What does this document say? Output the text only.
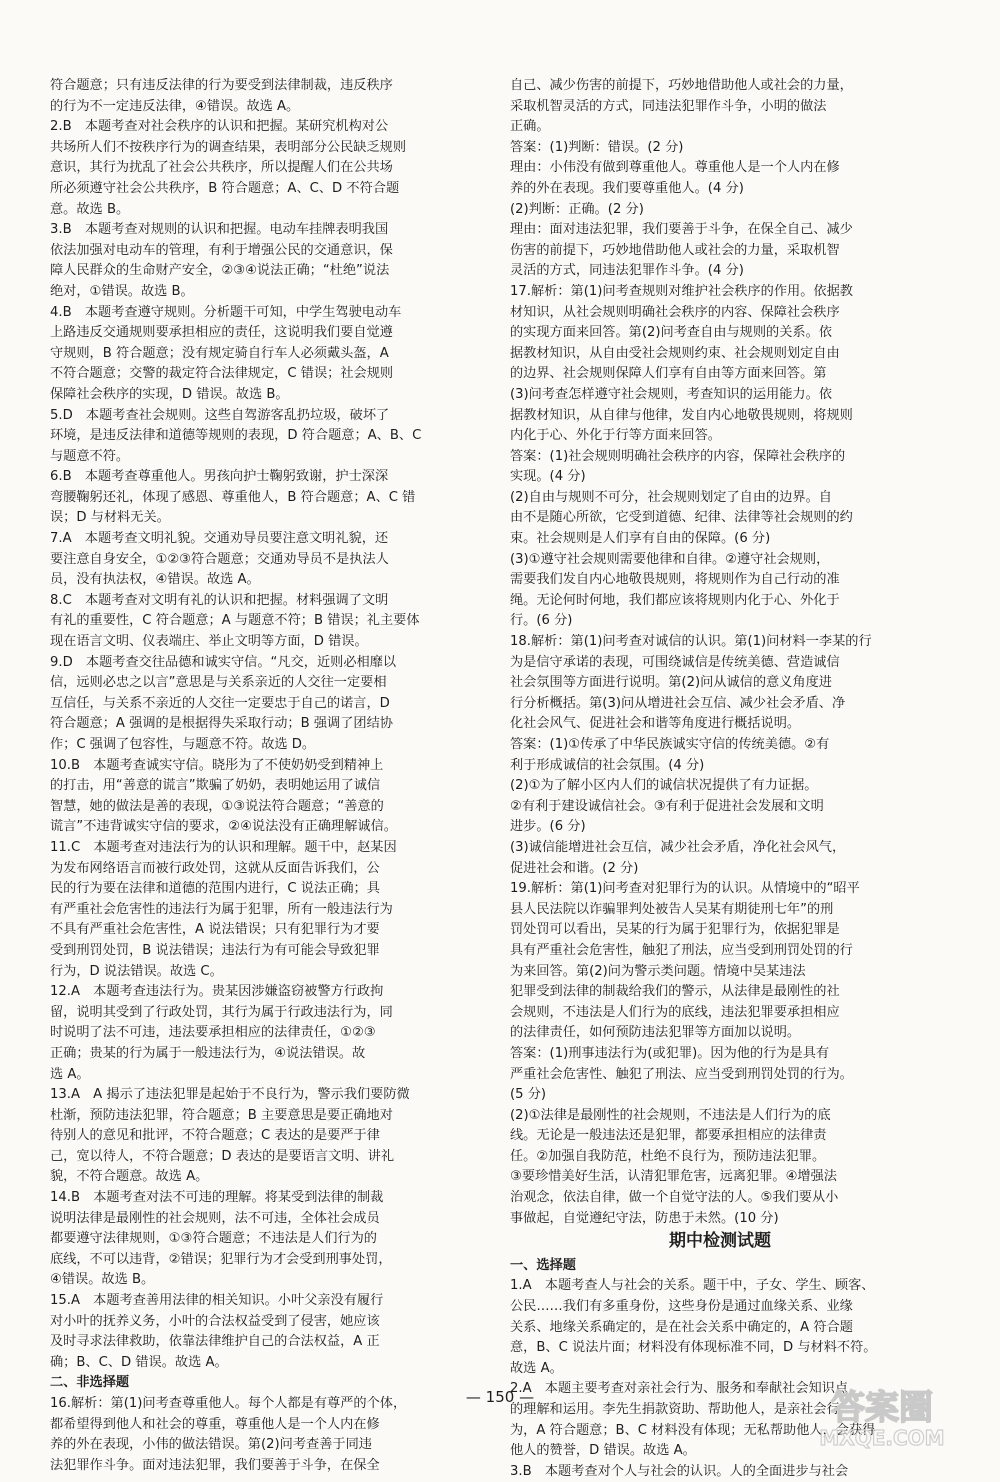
符合题意；只有违反法律的行为要受到法律制裁，违反秩序
的行为不一定违反法律，④错误。故选 A。
2.B　本题考查对社会秩序的认识和把握。某研究机构对公
共场所人们不按秩序行为的调查结果，表明部分公民缺乏规则
意识，其行为扰乱了社会公共秩序，所以提醒人们在公共场
所必须遵守社会公共秩序，B 符合题意；A、C、D 不符合题
意。故选 B。
3.B　本题考查对规则的认识和把握。电动车挂牌表明我国
依法加强对电动车的管理，有利于增强公民的交通意识，保
障人民群众的生命财产安全，②③④说法正确；“杜绝”说法
绝对，①错误。故选 B。
4.B　本题考查遵守规则。分析题干可知，中学生驾驶电动车
上路违反交通规则要承担相应的责任，这说明我们要自觉遵
守规则，B 符合题意；没有规定骑自行车人必须戴头盔，A
不符合题意；交警的裁定符合法律规定，C 错误；社会规则
保障社会秩序的实现，D 错误。故选 B。
5.D　本题考查社会规则。这些自驾游客乱扔垃圾，破坏了
环境，是违反法律和道德等规则的表现，D 符合题意；A、B、C
与题意不符。
6.B　本题考查尊重他人。男孩向护士鞠躬致谢，护士深深
弯腰鞠躬还礼，体现了感恩、尊重他人，B 符合题意；A、C 错
误；D 与材料无关。
7.A　本题考查文明礼貌。交通劝导员要注意文明礼貌，还
要注意自身安全，①②③符合题意；交通劝导员不是执法人
员，没有执法权，④错误。故选 A。
8.C　本题考查对文明有礼的认识和把握。材料强调了文明
有礼的重要性，C 符合题意；A 与题意不符；B 错误；礼主要体
现在语言文明、仪表端庄、举止文明等方面，D 错误。
9.D　本题考查交往品德和诚实守信。“凡交，近则必相靡以
信，远则必忠之以言”意思是与关系亲近的人交往一定要相
互信任，与关系不亲近的人交往一定要忠于自己的诺言，D
符合题意；A 强调的是根据得失采取行动；B 强调了团结协
作；C 强调了包容性，与题意不符。故选 D。
10.B　本题考查诚实守信。晓彤为了不使奶奶受到精神上
的打击，用“善意的谎言”欺骗了奶奶，表明她运用了诚信
智慧，她的做法是善的表现，①③说法符合题意；“善意的
谎言”不违背诚实守信的要求，②④说法没有正确理解诚信。
11.C　本题考查对违法行为的认识和理解。题干中，赵某因
为发布网络语言而被行政处罚，这就从反面告诉我们，公
民的行为要在法律和道德的范围内进行，C 说法正确；具
有严重社会危害性的违法行为属于犯罪，所有一般违法行为
不具有严重社会危害性，A 说法错误；只有犯罪行为才要
受到刑罚处罚，B 说法错误；违法行为有可能会导致犯罪
行为，D 说法错误。故选 C。
12.A　本题考查违法行为。贵某因涉嫌盗窃被警方行政拘
留，说明其受到了行政处罚，其行为属于行政违法行为，同
时说明了法不可违，违法要承担相应的法律责任，①②③
正确；贵某的行为属于一般违法行为，④说法错误。故
选 A。
13.A　A 揭示了违法犯罪是起始于不良行为，警示我们要防微
杜渐，预防违法犯罪，符合题意；B 主要意思是要正确地对
待别人的意见和批评，不符合题意；C 表达的是要严于律
己，宽以待人，不符合题意；D 表达的是要语言文明、讲礼
貌，不符合题意。故选 A。
14.B　本题考查对法不可违的理解。将某受到法律的制裁
说明法律是最刚性的社会规则，法不可违，全体社会成员
都要遵守法律规则，①③符合题意；不违法是人们行为的
底线，不可以违背，②错误；犯罪行为才会受到刑事处罚，
④错误。故选 B。
15.A　本题考查善用法律的相关知识。小叶父亲没有履行
对小叶的抚养义务，小叶的合法权益受到了侵害，她应该
及时寻求法律救助，依靠法律维护自己的合法权益，A 正
确；B、C、D 错误。故选 A。
二、非选择题
16.解析：第(1)问考查尊重他人。每个人都是有尊严的个体，
都希望得到他人和社会的尊重，尊重他人是一个人内在修
养的外在表现，小伟的做法错误。第(2)问考查善于同违
法犯罪作斗争。面对违法犯罪，我们要善于斗争，在保全
自己、减少伤害的前提下，巧妙地借助他人或社会的力量，
采取机智灵活的方式，同违法犯罪作斗争，小明的做法
正确。
答案：(1)判断：错误。(2 分)
理由：小伟没有做到尊重他人。尊重他人是一个人内在修
养的外在表现。我们要尊重他人。(4 分)
(2)判断：正确。(2 分)
理由：面对违法犯罪，我们要善于斗争，在保全自己、减少
伤害的前提下，巧妙地借助他人或社会的力量，采取机智
灵活的方式，同违法犯罪作斗争。(4 分)
17.解析：第(1)问考查规则对维护社会秩序的作用。依据教
材知识，从社会规则明确社会秩序的内容、保障社会秩序
的实现方面来回答。第(2)问考查自由与规则的关系。依
据教材知识，从自由受社会规则约束、社会规则划定自由
的边界、社会规则保障人们享有自由等方面来回答。第
(3)问考查怎样遵守社会规则，考查知识的运用能力。依
据教材知识，从自律与他律，发自内心地敬畏规则，将规则
内化于心、外化于行等方面来回答。
答案：(1)社会规则明确社会秩序的内容，保障社会秩序的
实现。(4 分)
(2)自由与规则不可分，社会规则划定了自由的边界。自
由不是随心所欲，它受到道德、纪律、法律等社会规则的约
束。社会规则是人们享有自由的保障。(6 分)
(3)①遵守社会规则需要他律和自律。②遵守社会规则，
需要我们发自内心地敬畏规则，将规则作为自己行动的准
绳。无论何时何地，我们都应该将规则内化于心、外化于
行。(6 分)
18.解析：第(1)问考查对诚信的认识。第(1)问材料一李某的行
为是信守承诺的表现，可围绕诚信是传统美德、营造诚信
社会氛围等方面进行说明。第(2)问从诚信的意义角度进
行分析概括。第(3)问从增进社会互信、减少社会矛盾、净
化社会风气、促进社会和谐等角度进行概括说明。
答案：(1)①传承了中华民族诚实守信的传统美德。②有
利于形成诚信的社会氛围。(4 分)
(2)①为了解小区内人们的诚信状况提供了有力证据。
②有利于建设诚信社会。③有利于促进社会发展和文明
进步。(6 分)
(3)诚信能增进社会互信，减少社会矛盾，净化社会风气，
促进社会和谐。(2 分)
19.解析：第(1)问考查对犯罪行为的认识。从情境中的“昭平
县人民法院以诈骗罪判处被告人吴某有期徒刑七年”的刑
罚处罚可以看出，吴某的行为属于犯罪行为，依据犯罪是
具有严重社会危害性，触犯了刑法，应当受到刑罚处罚的行
为来回答。第(2)问为警示类问题。情境中吴某违法
犯罪受到法律的制裁给我们的警示，从法律是最刚性的社
会规则，不违法是人们行为的底线，违法犯罪要承担相应
的法律责任，如何预防违法犯罪等方面加以说明。
答案：(1)刑事违法行为(或犯罪)。因为他的行为是具有
严重社会危害性、触犯了刑法、应当受到刑罚处罚的行为。
(5 分)
(2)①法律是最刚性的社会规则，不违法是人们行为的底
线。无论是一般违法还是犯罪，都要承担相应的法律责
任。②加强自我防范，杜绝不良行为，预防违法犯罪。
③要珍惜美好生活，认清犯罪危害，远离犯罪。④增强法
治观念，依法自律，做一个自觉守法的人。⑤我们要从小
事做起，自觉遵纪守法，防患于未然。(10 分)
期中检测试题
一、选择题
1.A　本题考查人与社会的关系。题干中，子女、学生、顾客、
公民……我们有多重身份，这些身份是通过血缘关系、业缘
关系、地缘关系确定的，是在社会关系中确定的，A 符合题
意，B、C 说法片面；材料没有体现标准不同，D 与材料不符。
故选 A。
2.A　本题主要考查对亲社会行为、服务和奉献社会知识点
的理解和运用。李先生捐款资助、帮助他人，是亲社会行
为，A 符合题意；B、C 材料没有体现；无私帮助他人，会获得
他人的赞誉，D 错误。故选 A。
3.B　本题考查对个人与社会的认识。人的全面进步与社会
— 150 —	答案圈
MXQE.COM
